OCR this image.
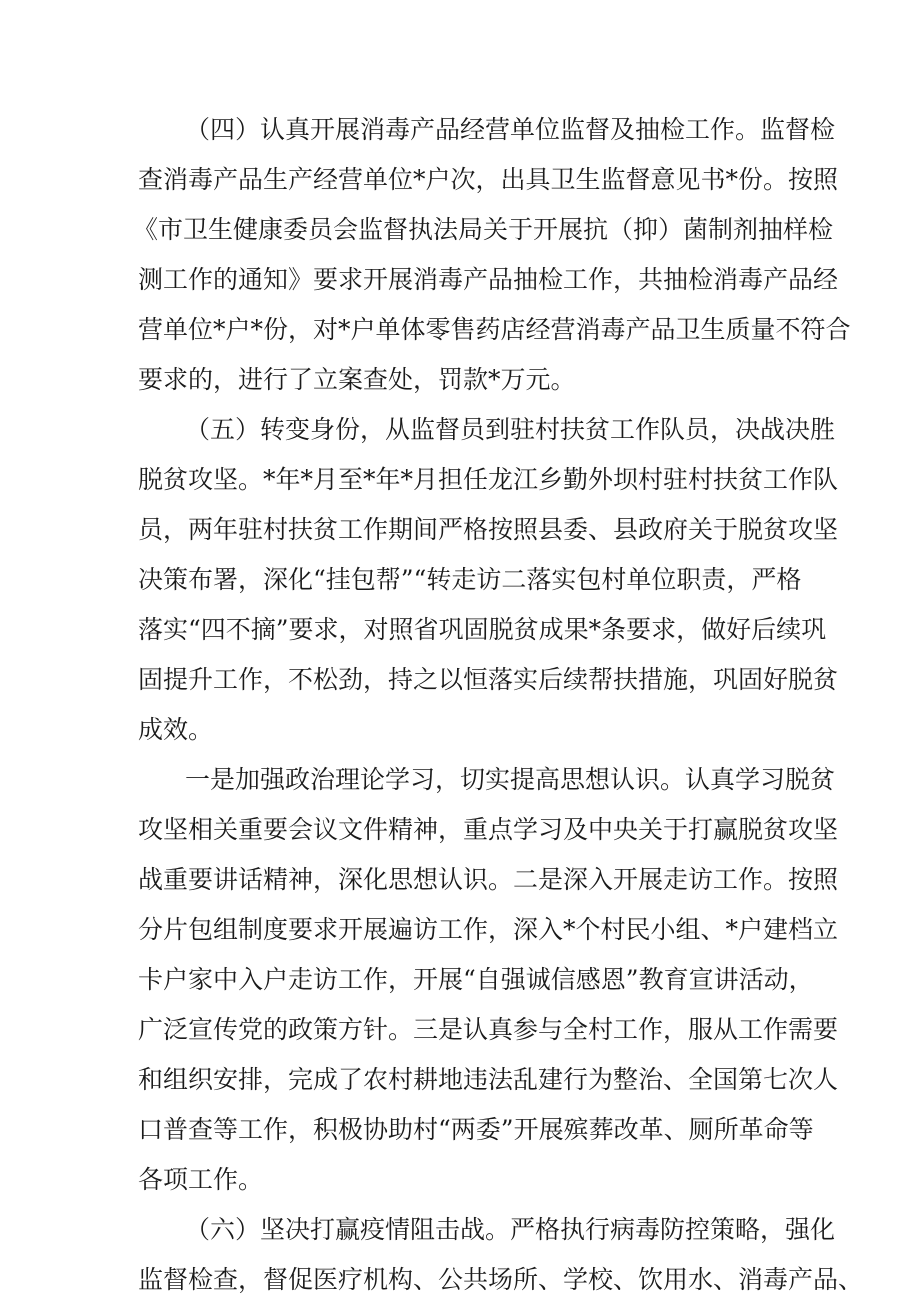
（四）认真开展消毒产品经营单位监督及抽检工作。监督检

查消毒产品生产经营单位*户次，出具卫生监督意见书*份。按照

《市卫生健康委员会监督执法局关于开展抗（抑）菌制剂抽样检

测工作的通知》要求开展消毒产品抽检工作，共抽检消毒产品经

营单位*户*份，对*户单体零售药店经营消毒产品卫生质量不符合

要求的，进行了立案查处，罚款*万元。

（五）转变身份，从监督员到驻村扶贫工作队员，决战决胜

脱贫攻坚。*年*月至*年*月担任龙江乡勤外坝村驻村扶贫工作队

员，两年驻村扶贫工作期间严格按照县委、县政府关于脱贫攻坚

决策布署，深化“挂包帮”“转走访二落实包村单位职责，严格

落实“四不摘”要求，对照省巩固脱贫成果*条要求，做好后续巩

固提升工作，不松劲，持之以恒落实后续帮扶措施，巩固好脱贫

成效。

一是加强政治理论学习，切实提高思想认识。认真学习脱贫

攻坚相关重要会议文件精神，重点学习及中央关于打赢脱贫攻坚

战重要讲话精神，深化思想认识。二是深入开展走访工作。按照

分片包组制度要求开展遍访工作，深入*个村民小组、*户建档立

卡户家中入户走访工作，开展“自强诚信感恩”教育宣讲活动，

广泛宣传党的政策方针。三是认真参与全村工作，服从工作需要

和组织安排，完成了农村耕地违法乱建行为整治、全国第七次人

口普查等工作，积极协助村“两委”开展殡葬改革、厕所革命等

各项工作。

（六）坚决打赢疫情阻击战。严格执行病毒防控策略，强化

监督检查，督促医疗机构、公共场所、学校、饮用水、消毒产品、
